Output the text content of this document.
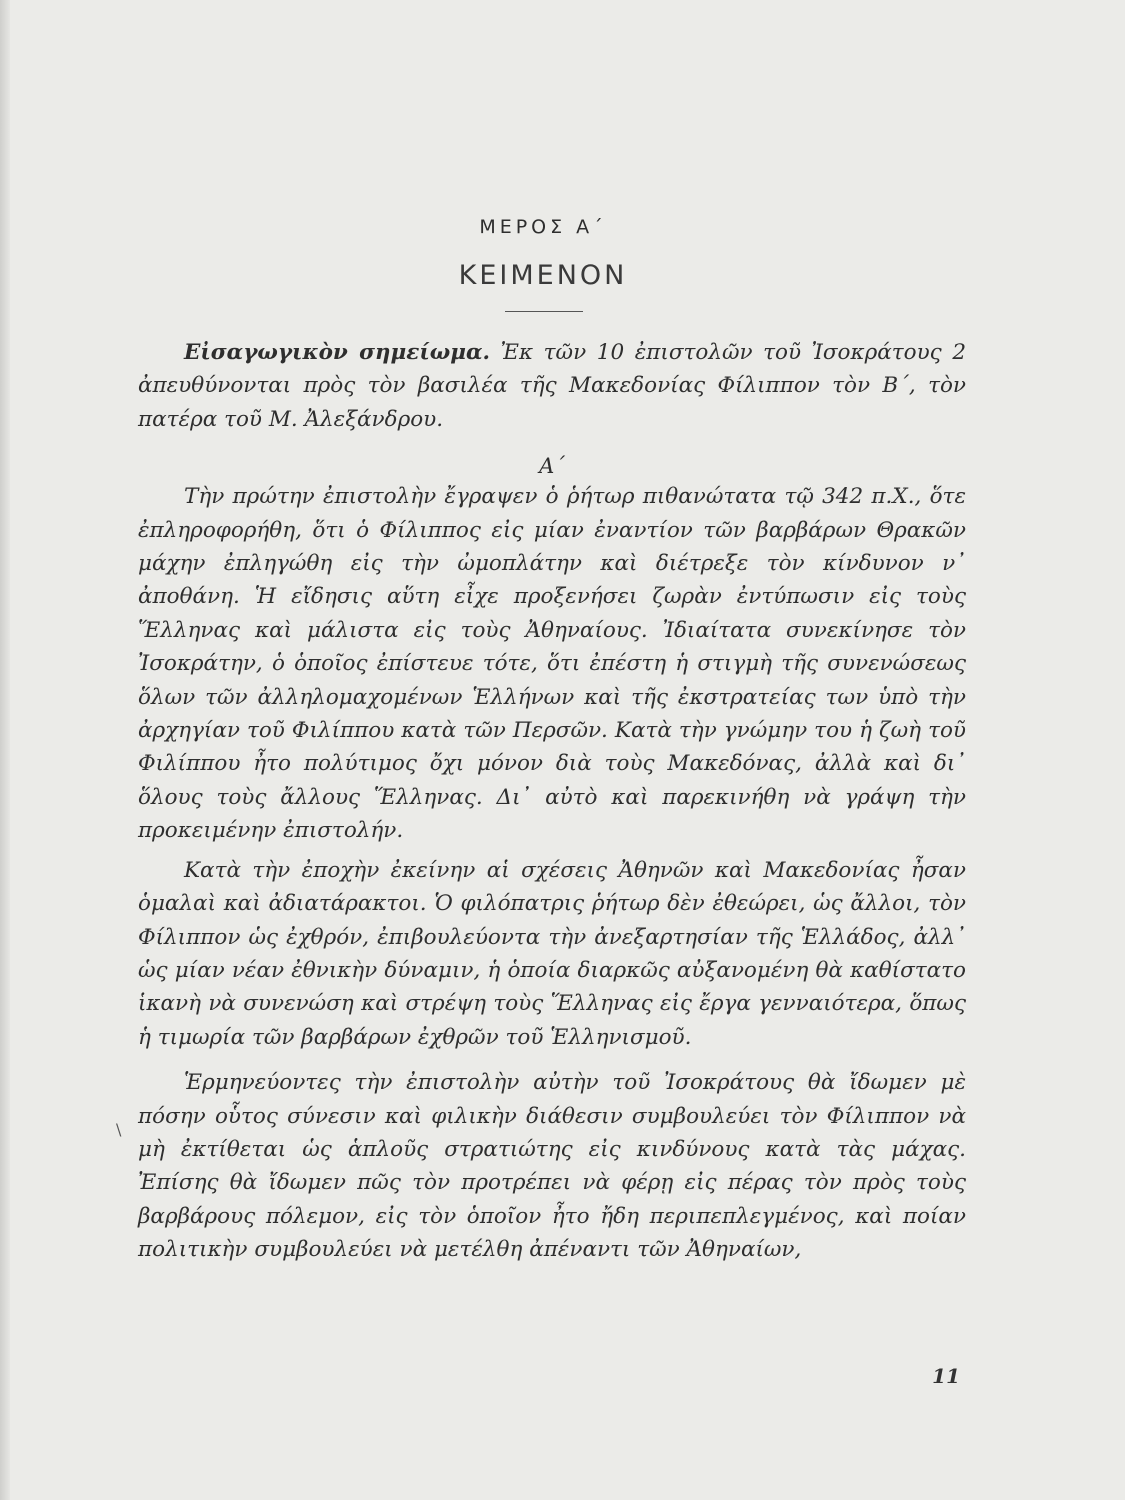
ΜΕΡΟΣ Α΄
ΚΕΙΜΕΝΟΝ

Εἰσαγωγικὸν σημείωμα. Ἐκ τῶν 10 ἐπιστολῶν τοῦ Ἰσοκράτους 2 ἀπευθύνονται πρὸς τὸν βασιλέα τῆς Μακεδονίας Φίλιππον τὸν Β΄, τὸν πατέρα τοῦ Μ. Ἀλεξάνδρου.

Α΄

Τὴν πρώτην ἐπιστολὴν ἔγραψεν ὁ ῥήτωρ πιθανώτατα τῷ 342 π.Χ., ὅτε ἐπληροφορήθη, ὅτι ὁ Φίλιππος εἰς μίαν ἐναντίον τῶν βαρβάρων Θρακῶν μάχην ἐπληγώθη εἰς τὴν ὠμοπλάτην καὶ διέτρεξε τὸν κίνδυνον ν᾽ ἀποθάνη. Ἡ εἴδησις αὕτη εἶχε προξενήσει ζωρὰν ἐντύπωσιν εἰς τοὺς Ἕλληνας καὶ μάλιστα εἰς τοὺς Ἀθηναίους. Ἰδιαίτατα συνεκίνησε τὸν Ἰσοκράτην, ὁ ὁποῖος ἐπίστευε τότε, ὅτι ἐπέστη ἡ στιγμὴ τῆς συνενώσεως ὅλων τῶν ἀλληλομαχομένων Ἑλλήνων καὶ τῆς ἐκστρατείας των ὑπὸ τὴν ἀρχηγίαν τοῦ Φιλίππου κατὰ τῶν Περσῶν. Κατὰ τὴν γνώμην του ἡ ζωὴ τοῦ Φιλίππου ἦτο πολύτιμος ὄχι μόνον διὰ τοὺς Μακεδόνας, ἀλλὰ καὶ δι᾽ ὅλους τοὺς ἄλλους Ἕλληνας. Δι᾽ αὐτὸ καὶ παρεκινήθη νὰ γράψη τὴν προκειμένην ἐπιστολήν.

Κατὰ τὴν ἐποχὴν ἐκείνην αἱ σχέσεις Ἀθηνῶν καὶ Μακεδονίας ἦσαν ὁμαλαὶ καὶ ἀδιατάρακτοι. Ὁ φιλόπατρις ῥήτωρ δὲν ἐθεώρει, ὡς ἄλλοι, τὸν Φίλιππον ὡς ἐχθρόν, ἐπιβουλεύοντα τὴν ἀνεξαρτησίαν τῆς Ἑλλάδος, ἀλλ᾽ ὡς μίαν νέαν ἐθνικὴν δύναμιν, ἡ ὁποία διαρκῶς αὐξανομένη θὰ καθίστατο ἱκανὴ νὰ συνενώση καὶ στρέψη τοὺς Ἕλληνας εἰς ἔργα γενναιότερα, ὅπως ἡ τιμωρία τῶν βαρβάρων ἐχθρῶν τοῦ Ἑλληνισμοῦ.

Ἑρμηνεύοντες τὴν ἐπιστολὴν αὐτὴν τοῦ Ἰσοκράτους θὰ ἴδωμεν μὲ πόσην οὗτος σύνεσιν καὶ φιλικὴν διάθεσιν συμβουλεύει τὸν Φίλιππον νὰ μὴ ἐκτίθεται ὡς ἁπλοῦς στρατιώτης εἰς κινδύνους κατὰ τὰς μάχας. Ἐπίσης θὰ ἴδωμεν πῶς τὸν προτρέπει νὰ φέρῃ εἰς πέρας τὸν πρὸς τοὺς βαρβάρους πόλεμον, εἰς τὸν ὁποῖον ἦτο ἤδη περιπεπλεγμένος, καὶ ποίαν πολιτικὴν συμβουλεύει νὰ μετέλθη ἀπέναντι τῶν Ἀθηναίων,

\
11
